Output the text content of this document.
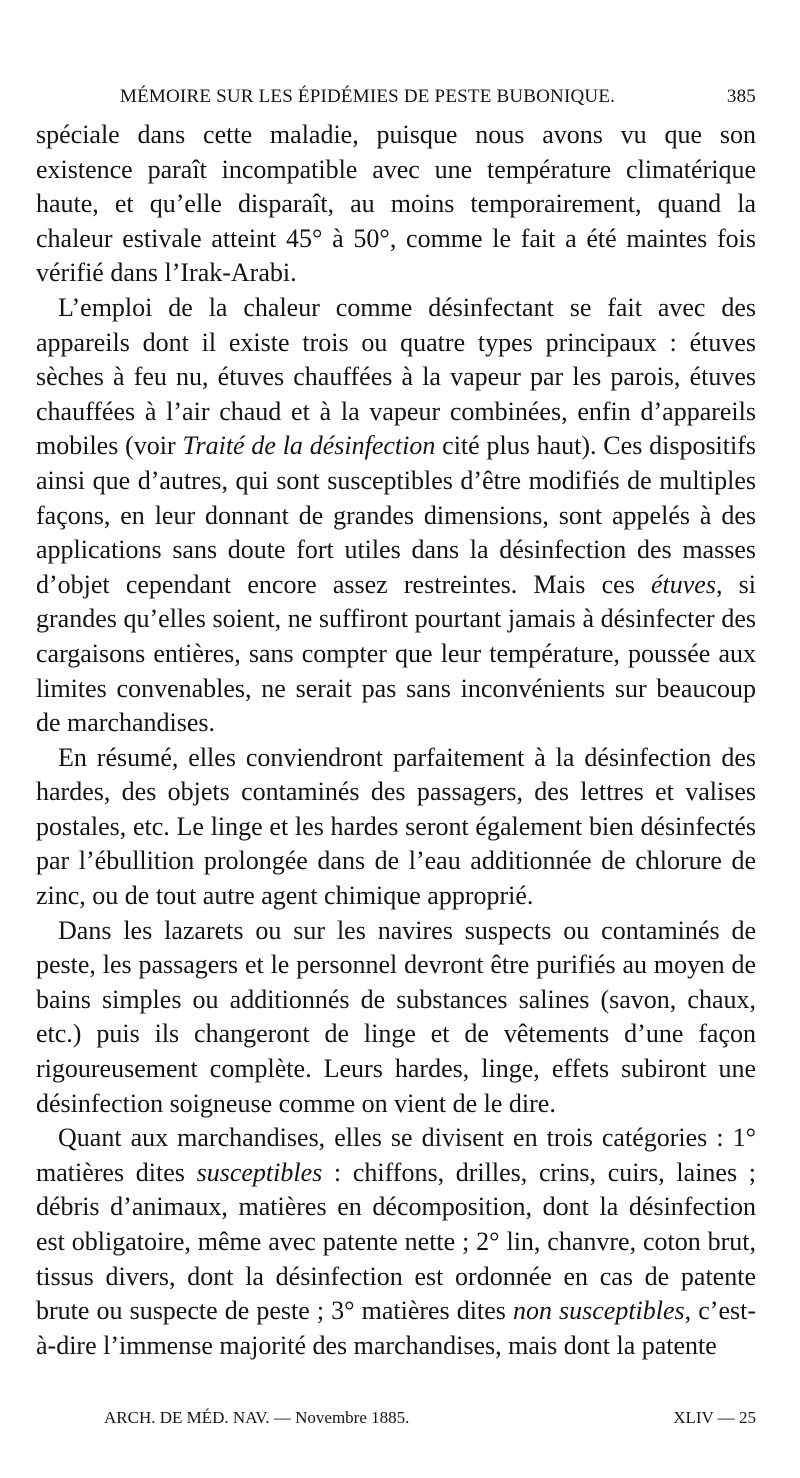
MÉMOIRE SUR LES ÉPIDÉMIES DE PESTE BUBONIQUE.	385

spéciale dans cette maladie, puisque nous avons vu que son existence paraît incompatible avec une température climatérique haute, et qu’elle disparaît, au moins temporairement, quand la chaleur estivale atteint 45° à 50°, comme le fait a été maintes fois vérifié dans l’Irak-Arabi.

L’emploi de la chaleur comme désinfectant se fait avec des appareils dont il existe trois ou quatre types principaux : étuves sèches à feu nu, étuves chauffées à la vapeur par les parois, étuves chauffées à l’air chaud et à la vapeur combinées, enfin d’appareils mobiles (voir Traité de la désinfection cité plus haut). Ces dispositifs ainsi que d’autres, qui sont susceptibles d’être modifiés de multiples façons, en leur donnant de grandes dimensions, sont appelés à des applications sans doute fort utiles dans la désinfection des masses d’objet cependant encore assez restreintes. Mais ces étuves, si grandes qu’elles soient, ne suffiront pourtant jamais à désinfecter des cargaisons entières, sans compter que leur température, poussée aux limites convenables, ne serait pas sans inconvénients sur beaucoup de marchandises.

En résumé, elles conviendront parfaitement à la désinfection des hardes, des objets contaminés des passagers, des lettres et valises postales, etc. Le linge et les hardes seront également bien désinfectés par l’ébullition prolongée dans de l’eau additionnée de chlorure de zinc, ou de tout autre agent chimique approprié.

Dans les lazarets ou sur les navires suspects ou contaminés de peste, les passagers et le personnel devront être purifiés au moyen de bains simples ou additionnés de substances salines (savon, chaux, etc.) puis ils changeront de linge et de vêtements d’une façon rigoureusement complète. Leurs hardes, linge, effets subiront une désinfection soigneuse comme on vient de le dire.

Quant aux marchandises, elles se divisent en trois catégories : 1° matières dites susceptibles : chiffons, drilles, crins, cuirs, laines ; débris d’animaux, matières en décomposition, dont la désinfection est obligatoire, même avec patente nette ; 2° lin, chanvre, coton brut, tissus divers, dont la désinfection est ordonnée en cas de patente brute ou suspecte de peste ; 3° matières dites non susceptibles, c’est-à-dire l’immense majorité des marchandises, mais dont la patente

ARCH. DE MÉD. NAV. — Novembre 1885.	XLIV — 25
